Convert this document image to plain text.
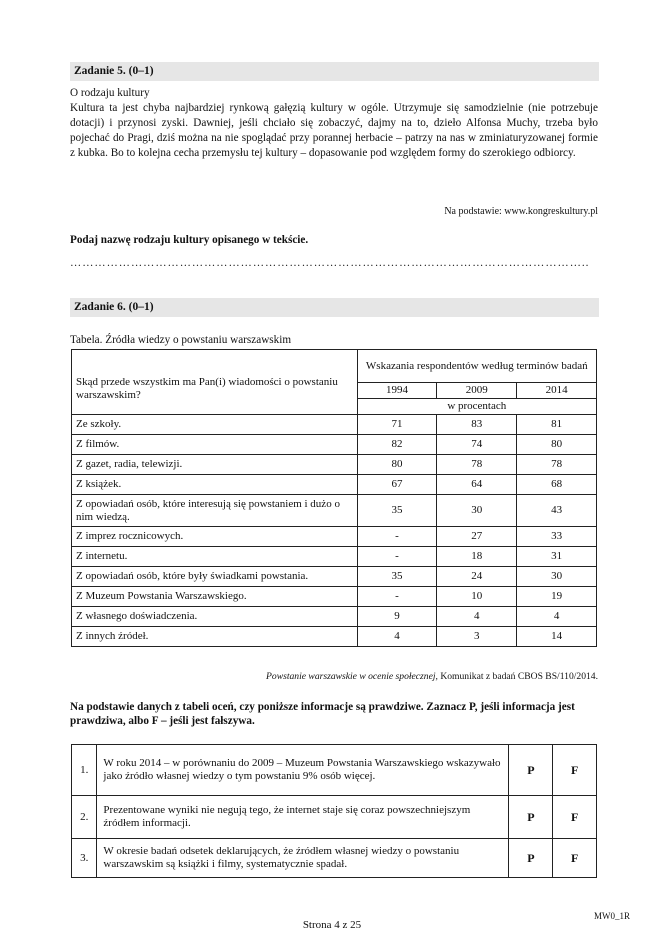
Zadanie 5. (0–1)
O rodzaju kultury
Kultura ta jest chyba najbardziej rynkową gałęzią kultury w ogóle. Utrzymuje się samodzielnie (nie potrzebuje dotacji) i przynosi zyski. Dawniej, jeśli chciało się zobaczyć, dajmy na to, dzieło Alfonsa Muchy, trzeba było pojechać do Pragi, dziś można na nie spoglądać przy porannej herbacie – patrzy na nas w zminiaturyzowanej formie z kubka. Bo to kolejna cecha przemysłu tej kultury – dopasowanie pod względem formy do szerokiego odbiorcy.
Na podstawie: www.kongreskultury.pl
Podaj nazwę rodzaju kultury opisanego w tekście.
………………………………………………………………………………………………………………..
Zadanie 6. (0–1)
Tabela. Źródła wiedzy o powstaniu warszawskim
Skąd przede wszystkim ma Pan(i) wiadomości o powstaniu warszawskim?	Wskazania respondentów według terminów badań		
	1994	2009	2014
	w procentach		
Ze szkoły.	71	83	81
Z filmów.	82	74	80
Z gazet, radia, telewizji.	80	78	78
Z książek.	67	64	68
Z opowiadań osób, które interesują się powstaniem i dużo o nim wiedzą.	35	30	43
Z imprez rocznicowych.	-	27	33
Z internetu.	-	18	31
Z opowiadań osób, które były świadkami powstania.	35	24	30
Z Muzeum Powstania Warszawskiego.	-	10	19
Z własnego doświadczenia.	9	4	4
Z innych źródeł.	4	3	14
Powstanie warszawskie w ocenie społecznej, Komunikat z badań CBOS BS/110/2014.
Na podstawie danych z tabeli oceń, czy poniższe informacje są prawdziwe. Zaznacz P, jeśli informacja jest prawdziwa, albo F – jeśli jest fałszywa.
1.	W roku 2014 – w porównaniu do 2009 – Muzeum Powstania Warszawskiego wskazywało jako źródło własnej wiedzy o tym powstaniu 9% osób więcej.	P	F
2.	Prezentowane wyniki nie negują tego, że internet staje się coraz powszechniejszym źródłem informacji.	P	F
3.	W okresie badań odsetek deklarujących, że źródłem własnej wiedzy o powstaniu warszawskim są książki i filmy, systematycznie spadał.	P	F
Strona 4 z 25
MW0_1R
